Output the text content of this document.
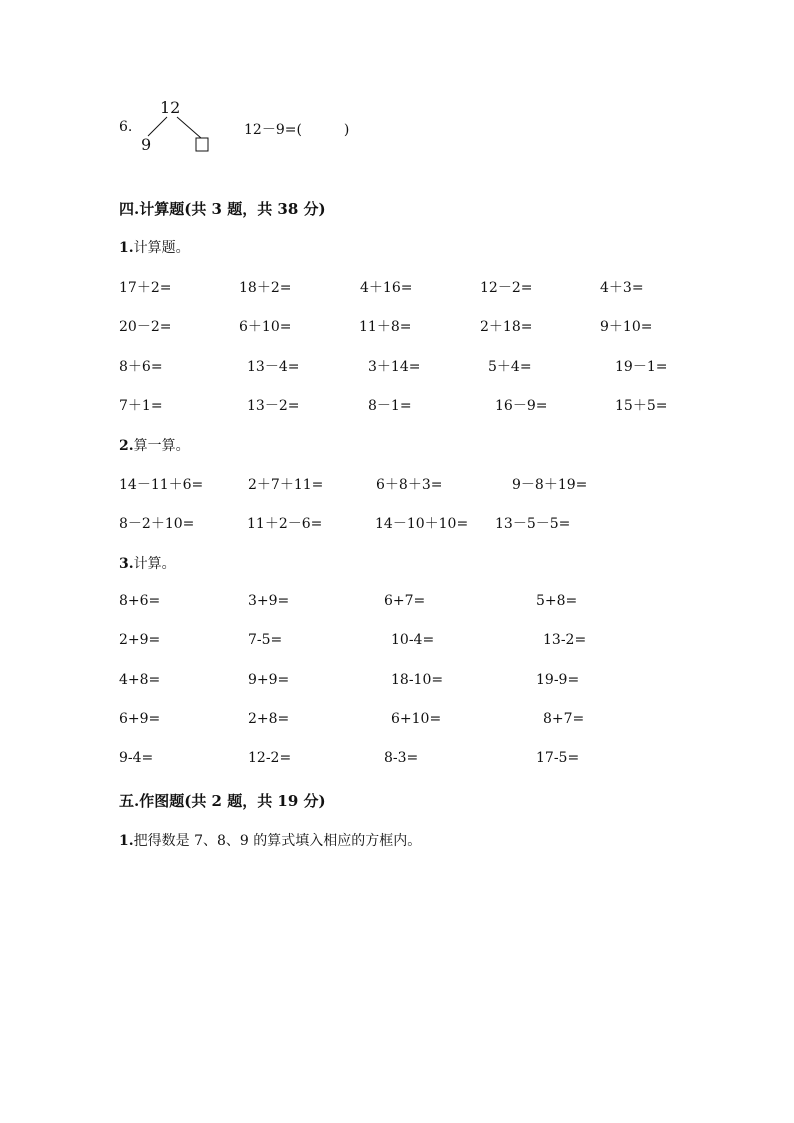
6.
12
9
12－9=(　　　)
四.计算题(共 3 题，共 38 分)
1.计算题。
17＋2=	18＋2=	4＋16=	12－2=	4＋3=
20－2=	6＋10=	11＋8=	2＋18=	9＋10=
8＋6=	13－4=	3＋14=	5＋4=	19－1=
7＋1=	13－2=	8－1=	16－9=	15＋5=
2.算一算。
14－11＋6=	2＋7＋11=	6＋8＋3=	9－8＋19=
8－2＋10=	11＋2－6=	14－10＋10= 13－5－5=
3.计算。
8+6=	3+9=	6+7=	5+8=
2+9=	7-5=	10-4=	13-2=
4+8=	9+9=	18-10=	19-9=
6+9=	2+8=	6+10=	8+7=
9-4=	12-2=	8-3=	17-5=
五.作图题(共 2 题，共 19 分)
1.把得数是 7、8、9 的算式填入相应的方框内。
